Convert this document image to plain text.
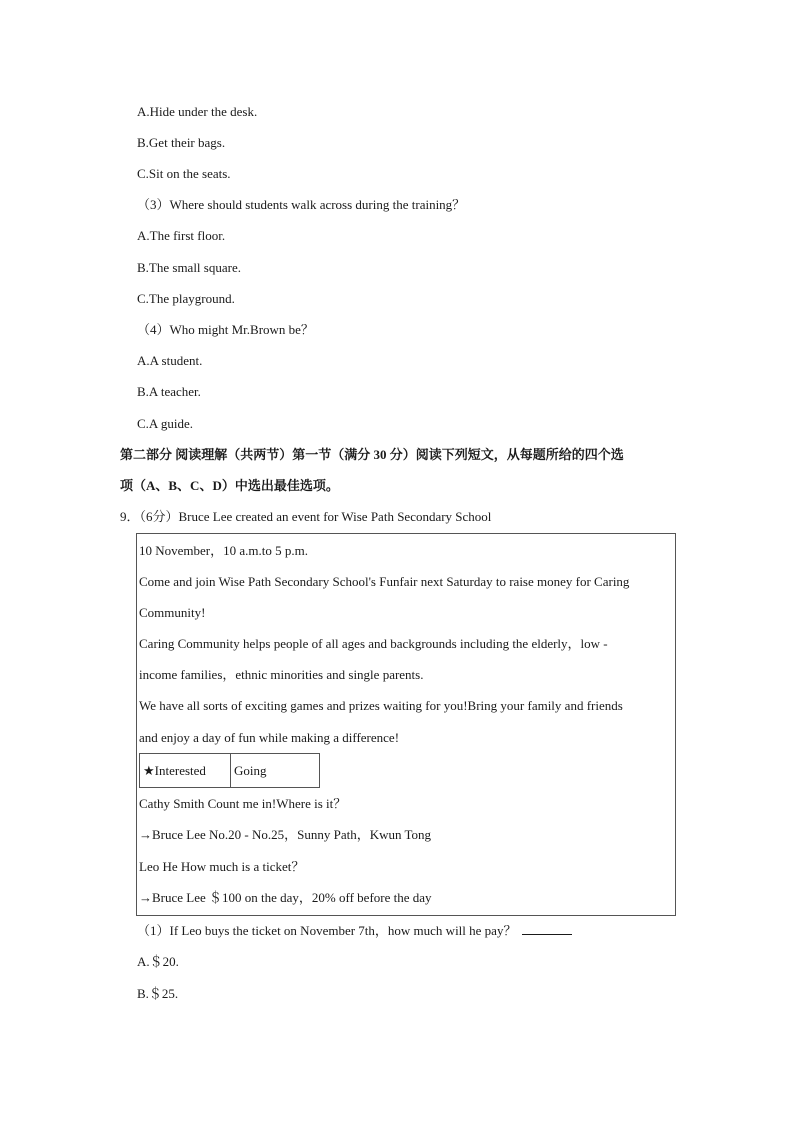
A.Hide under the desk.
B.Get their bags.
C.Sit on the seats.
（3）Where should students walk across during the training？
A.The first floor.
B.The small square.
C.The playground.
（4）Who might Mr.Brown be？
A.A student.
B.A teacher.
C.A guide.
第二部分 阅读理解（共两节）第一节（满分 30 分）阅读下列短文，从每题所给的四个选
项（A、B、C、D）中选出最佳选项。
9．（6分）Bruce Lee created an event for Wise Path Secondary School
10 November，10 a.m.to 5 p.m.
Come and join Wise Path Secondary School's Funfair next Saturday to raise money for Caring
Community!
Caring Community helps people of all ages and backgrounds including the elderly，low -
income families，ethnic minorities and single parents.
We have all sorts of exciting games and prizes waiting for you!Bring your family and friends
and enjoy a day of fun while making a difference!
★Interested	Going
Cathy Smith Count me in!Where is it？
→Bruce Lee No.20 - No.25，Sunny Path，Kwun Tong
Leo He How much is a ticket？
→Bruce Lee ＄100 on the day，20% off before the day
（1）If Leo buys the ticket on November 7th，how much will he pay？
A.＄20.
B.＄25.
